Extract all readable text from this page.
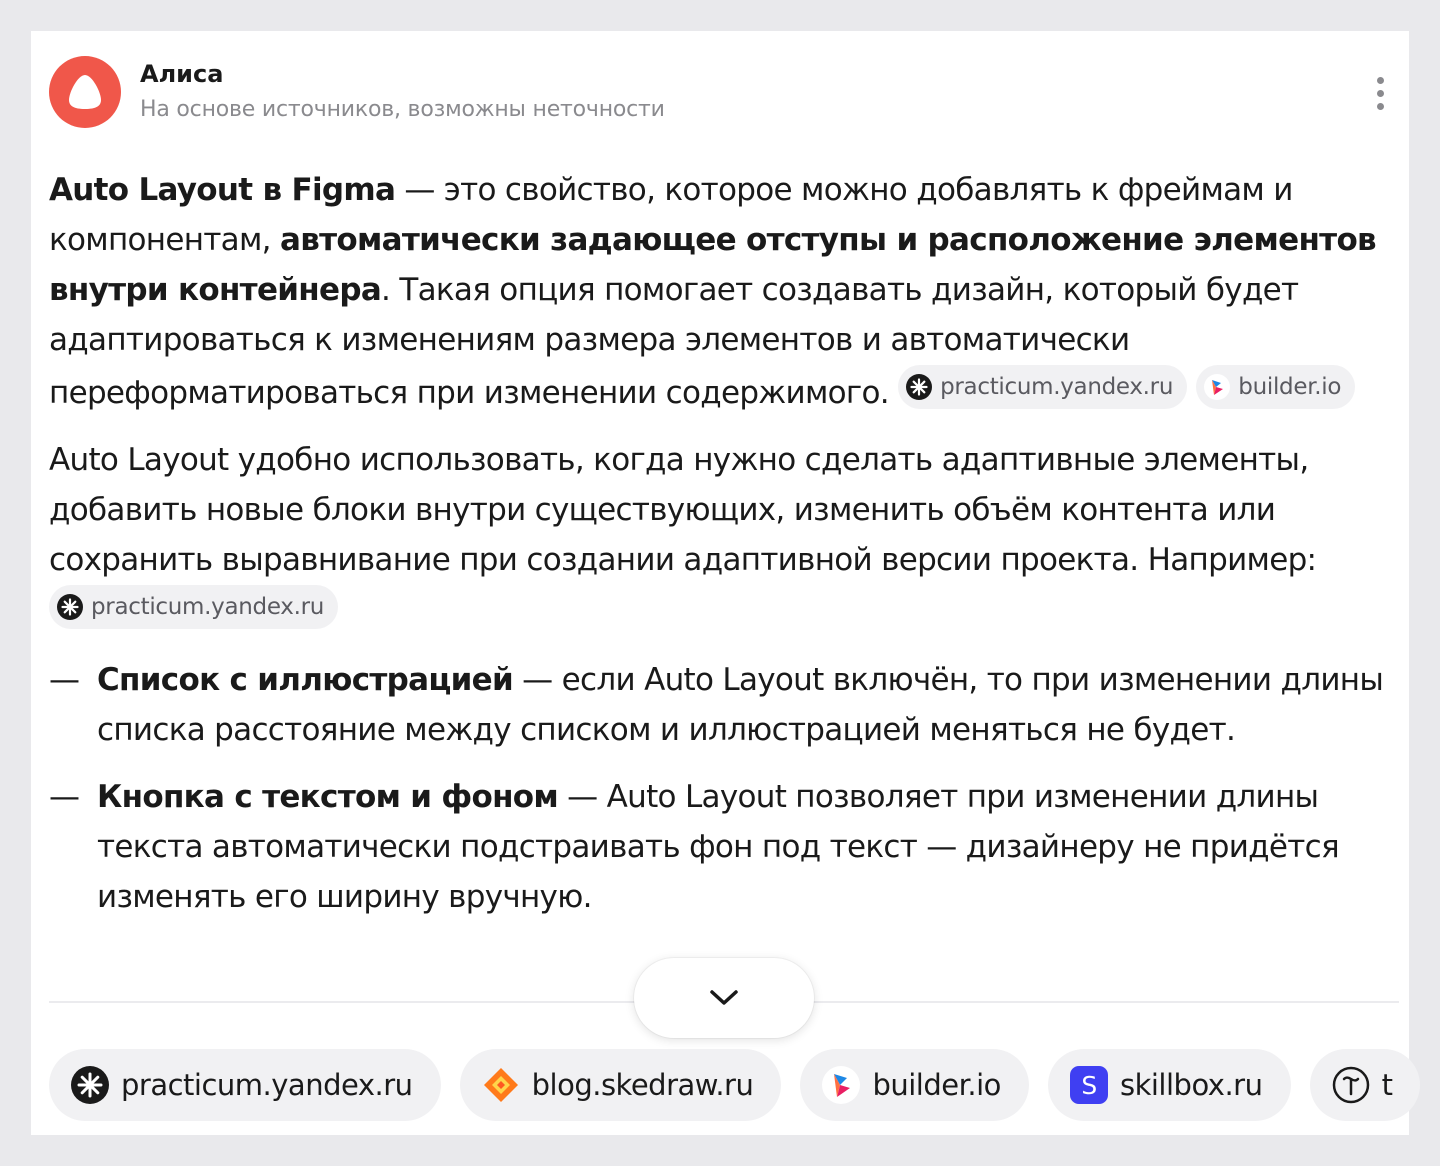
Алиса
На основе источников, возможны неточности

Auto Layout в Figma — это свойство, которое можно добавлять к фреймам и компонентам, автоматически задающее отступы и расположение элементов внутри контейнера. Такая опция помогает создавать дизайн, который будет адаптироваться к изменениям размера элементов и автоматически переформатироваться при изменении содержимого. practicum.yandex.ru
	builder.io

Auto Layout удобно использовать, когда нужно сделать адаптивные элементы, добавить новые блоки внутри существующих, изменить объём контента или сохранить выравнивание при создании адаптивной версии проекта. Например:
practicum.yandex.ru

— Список с иллюстрацией — если Auto Layout включён, то при изменении длины списка расстояние между списком и иллюстрацией меняться не будет.
— Кнопка с текстом и фоном — Auto Layout позволяет при изменении длины текста автоматически подстраивать фон под текст — дизайнеру не придётся изменять его ширину вручную.
practicum.yandex.ru
	blog.skedraw.ru
	builder.io
	S skillbox.ru
	t
